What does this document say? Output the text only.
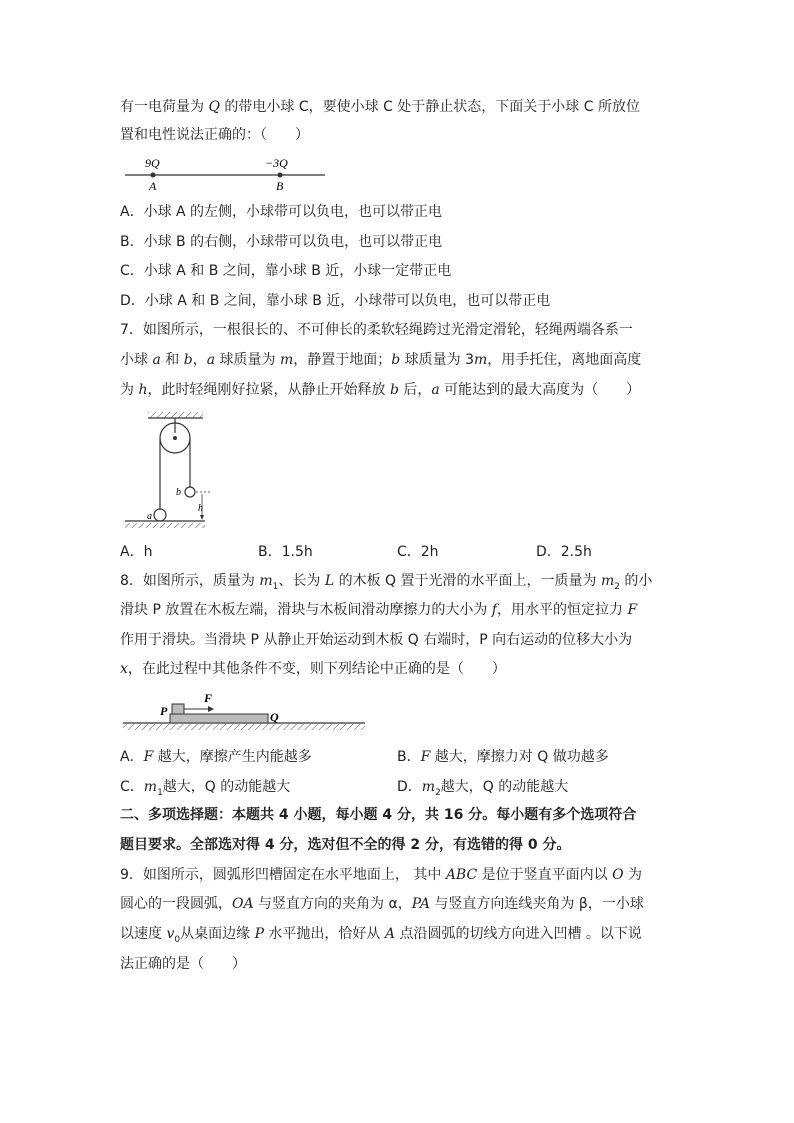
有一电荷量为 Q 的带电小球 C，要使小球 C 处于静止状态，下面关于小球 C 所放位
置和电性说法正确的：（　　）
9Q	−3Q
A	B
A．小球 A 的左侧，小球带可以负电，也可以带正电
B．小球 B 的右侧，小球带可以负电，也可以带正电
C．小球 A 和 B 之间，靠小球 B 近，小球一定带正电
D．小球 A 和 B 之间，靠小球 B 近，小球带可以负电，也可以带正电
7．如图所示，一根很长的、不可伸长的柔软轻绳跨过光滑定滑轮，轻绳两端各系一
小球 a 和 b，a 球质量为 m，静置于地面；b 球质量为 3m，用手托住，离地面高度
为 h，此时轻绳刚好拉紧，从静止开始释放 b 后，a 可能达到的最大高度为（　　）
a
b
h
A．h	B．1.5h	C．2h	D．2.5h
8．如图所示，质量为 $m_1$、长为 L 的木板 Q 置于光滑的水平面上，一质量为 $m_2$ 的小
滑块 P 放置在木板左端，滑块与木板间滑动摩擦力的大小为 f，用水平的恒定拉力 F
作用于滑块。当滑块 P 从静止开始运动到木板 Q 右端时，P 向右运动的位移大小为
x，在此过程中其他条件不变，则下列结论中正确的是（　　）
P
F
Q
A．F 越大，摩擦产生内能越多	B．F 越大，摩擦力对 Q 做功越多
C．$m_1$越大，Q 的动能越大	D．$m_2$越大，Q 的动能越大
二、多项选择题：本题共 4 小题，每小题 4 分，共 16 分。每小题有多个选项符合
题目要求。全部选对得 4 分，选对但不全的得 2 分，有选错的得 0 分。
9．如图所示，圆弧形凹槽固定在水平地面上， 其中 ABC 是位于竖直平面内以 O 为
圆心的一段圆弧，OA 与竖直方向的夹角为 α，PA 与竖直方向连线夹角为 β，一小球
以速度 $v_0$从桌面边缘 P 水平抛出，恰好从 A 点沿圆弧的切线方向进入凹槽 。以下说
法正确的是（　　）
